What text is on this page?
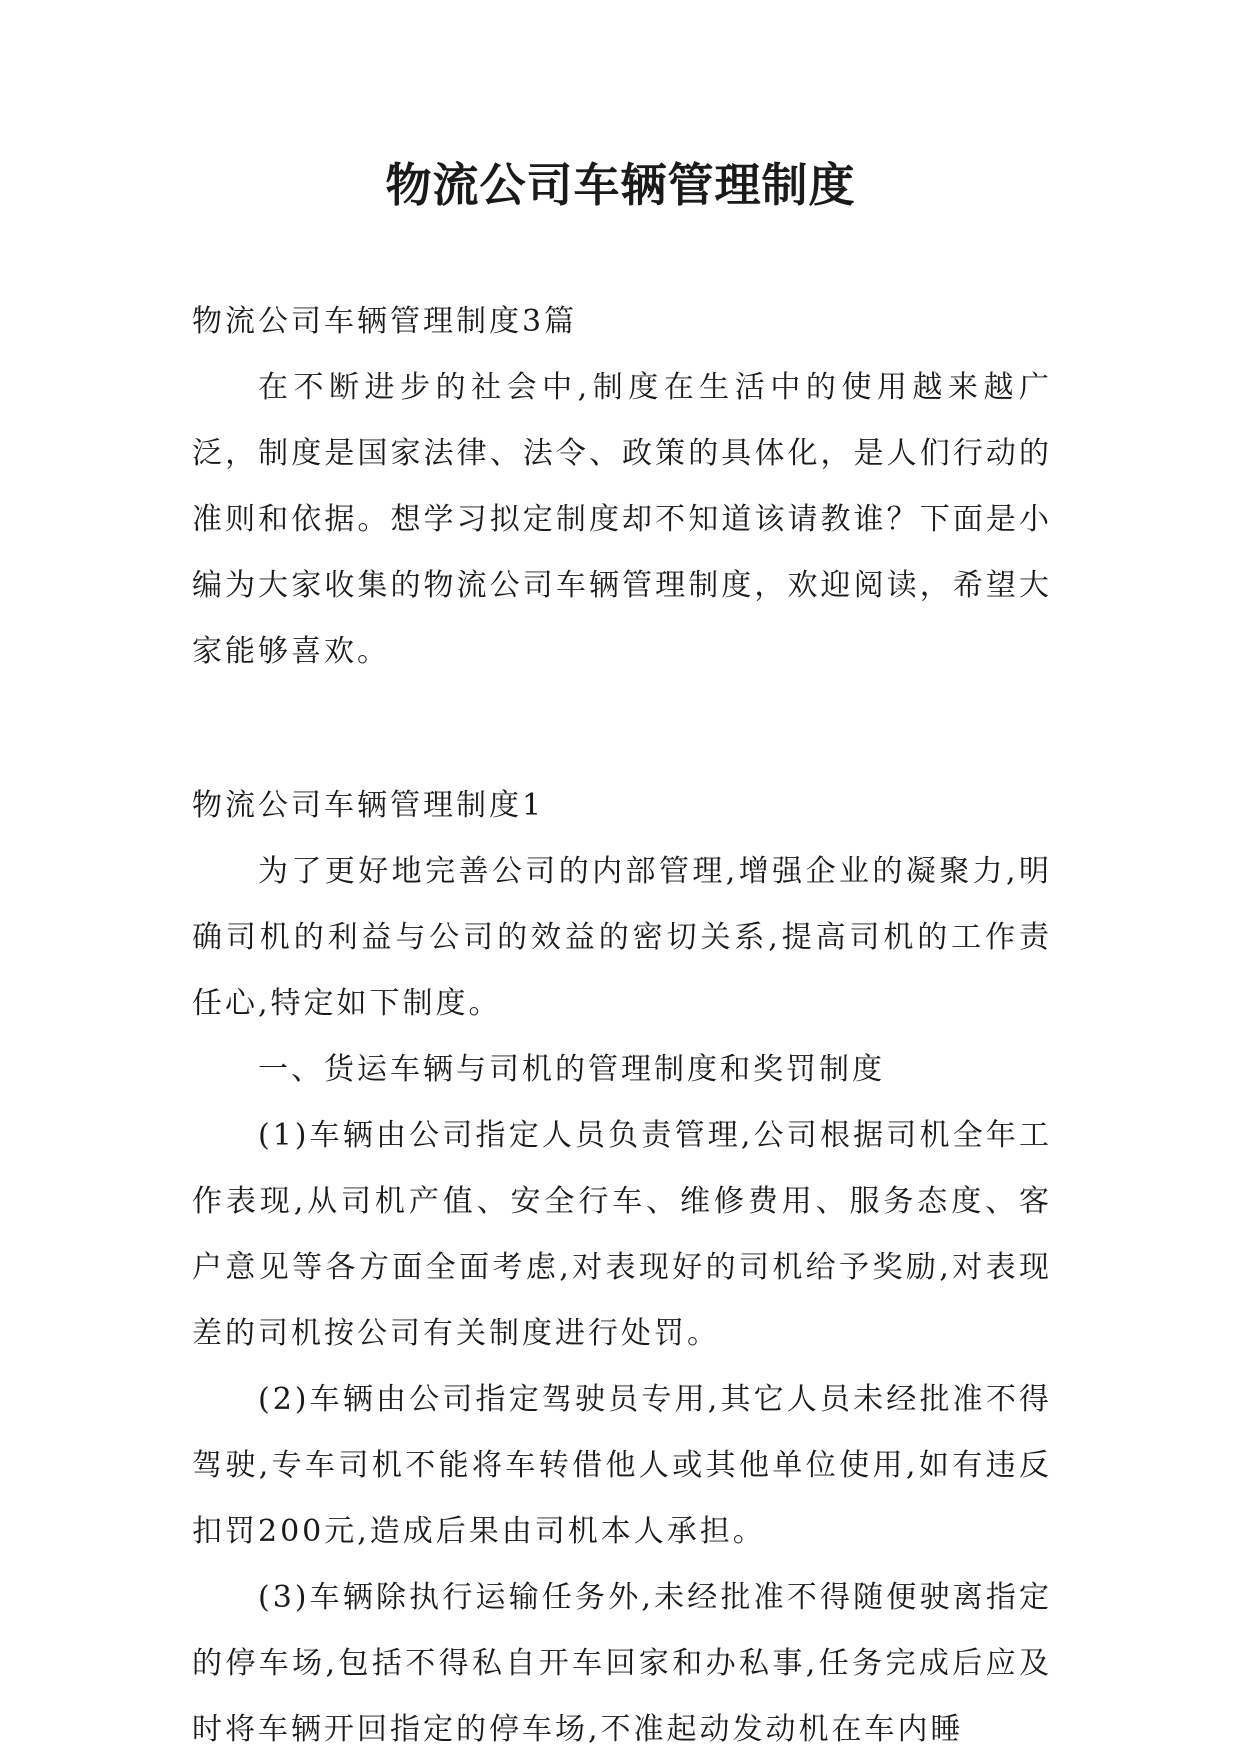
物流公司车辆管理制度

物流公司车辆管理制度3篇

在不断进步的社会中,制度在生活中的使用越来越广泛，制度是国家法律、法令、政策的具体化，是人们行动的准则和依据。想学习拟定制度却不知道该请教谁？下面是小编为大家收集的物流公司车辆管理制度，欢迎阅读，希望大家能够喜欢。

物流公司车辆管理制度1

为了更好地完善公司的内部管理,增强企业的凝聚力,明确司机的利益与公司的效益的密切关系,提高司机的工作责任心,特定如下制度。

一、货运车辆与司机的管理制度和奖罚制度

(1)车辆由公司指定人员负责管理,公司根据司机全年工作表现,从司机产值、安全行车、维修费用、服务态度、客户意见等各方面全面考虑,对表现好的司机给予奖励,对表现差的司机按公司有关制度进行处罚。

(2)车辆由公司指定驾驶员专用,其它人员未经批准不得驾驶,专车司机不能将车转借他人或其他单位使用,如有违反扣罚200元,造成后果由司机本人承担。

(3)车辆除执行运输任务外,未经批准不得随便驶离指定的停车场,包括不得私自开车回家和办私事,任务完成后应及时将车辆开回指定的停车场,不准起动发动机在车内睡
